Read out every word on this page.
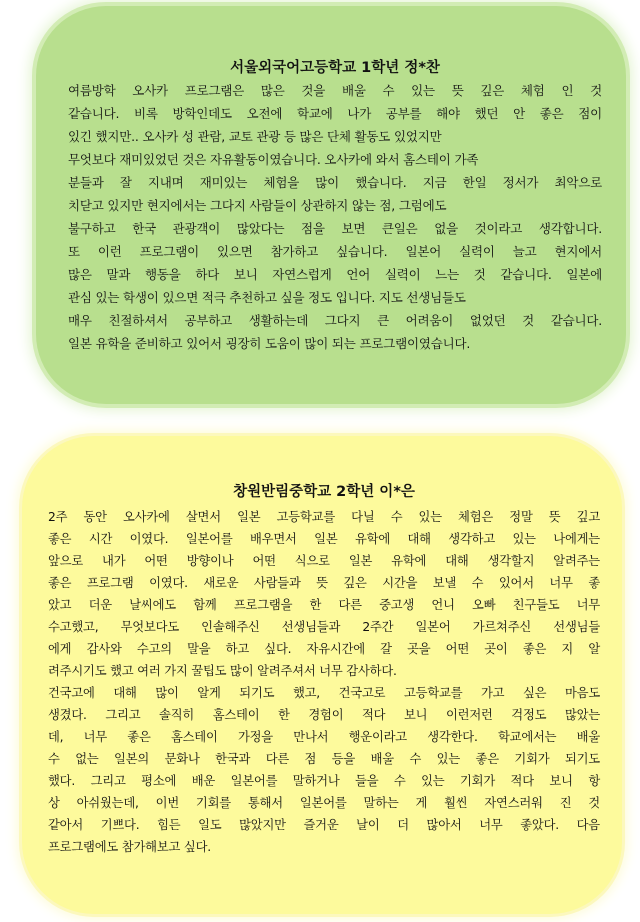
서울외국어고등학교 1학년 정*찬
여름방학 오사카 프로그램은 많은 것을 배울 수 있는 뜻 깊은 체험 인 것
같습니다. 비록 방학인데도 오전에 학교에 나가 공부를 해야 했던 안 좋은 점이
있긴 했지만.. 오사카 성 관람, 교토 관광 등 많은 단체 활동도 있었지만
무엇보다 재미있었던 것은 자유활동이였습니다. 오사카에 와서 홈스테이 가족
분들과 잘 지내며 재미있는 체험을 많이 했습니다. 지금 한일 정서가 최악으로
치닫고 있지만 현지에서는 그다지 사람들이 상관하지 않는 점, 그럼에도
불구하고 한국 관광객이 많았다는 점을 보면 큰일은 없을 것이라고 생각합니다.
또 이런 프로그램이 있으면 참가하고 싶습니다. 일본어 실력이 늘고 현지에서
많은 말과 행동을 하다 보니 자연스럽게 언어 실력이 느는 것 같습니다. 일본에
관심 있는 학생이 있으면 적극 추천하고 싶을 정도 입니다. 지도 선생님들도
매우 친절하셔서 공부하고 생활하는데 그다지 큰 어려움이 없었던 것 같습니다.
일본 유학을 준비하고 있어서 굉장히 도움이 많이 되는 프로그램이였습니다.
창원반림중학교 2학년 이*은
2주 동안 오사카에 살면서 일본 고등학교를 다닐 수 있는 체험은 정말 뜻 깊고
좋은 시간 이였다. 일본어를 배우면서 일본 유학에 대해 생각하고 있는 나에게는
앞으로 내가 어떤 방향이나 어떤 식으로 일본 유학에 대해 생각할지 알려주는
좋은 프로그램 이였다. 새로운 사람들과 뜻 깊은 시간을 보낼 수 있어서 너무 좋
았고 더운 날씨에도 함께 프로그램을 한 다른 중고생 언니 오빠 친구들도 너무
수고했고, 무엇보다도 인솔해주신 선생님들과 2주간 일본어 가르쳐주신 선생님들
에게 감사와 수고의 말을 하고 싶다. 자유시간에 갈 곳을 어떤 곳이 좋은 지 알
려주시기도 했고 여러 가지 꿀팁도 많이 알려주셔서 너무 감사하다.
건국고에 대해 많이 알게 되기도 했고, 건국고로 고등학교를 가고 싶은 마음도
생겼다. 그리고 솔직히 홈스테이 한 경험이 적다 보니 이런저런 걱정도 많았는
데, 너무 좋은 홈스테이 가정을 만나서 행운이라고 생각한다. 학교에서는 배울
수 없는 일본의 문화나 한국과 다른 점 등을 배울 수 있는 좋은 기회가 되기도
했다. 그리고 평소에 배운 일본어를 말하거나 들을 수 있는 기회가 적다 보니 항
상 아쉬웠는데, 이번 기회를 통해서 일본어를 말하는 게 훨씬 자연스러워 진 것
같아서 기쁘다. 힘든 일도 많았지만 즐거운 날이 더 많아서 너무 좋았다. 다음
프로그램에도 참가해보고 싶다.
